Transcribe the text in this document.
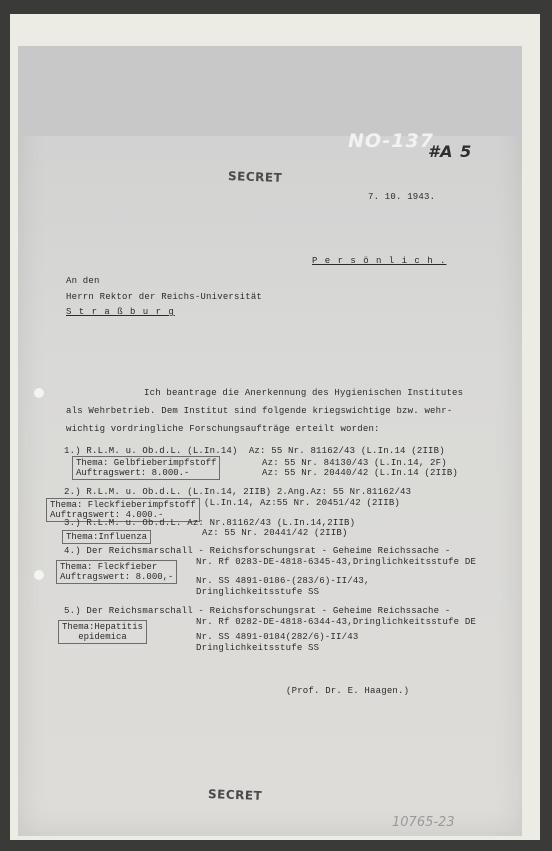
NO-137
#A 5
SECRET
7. 10. 1943.
P e r s ö n l i c h .
An den
Herrn Rektor der Reichs-Universität
S t r a ß b u r g
Ich beantrage die Anerkennung des Hygienischen Institutes
als Wehrbetrieb. Dem Institut sind folgende kriegswichtige bzw. wehr-
wichtig vordringliche Forschungsaufträge erteilt worden:
1.) R.L.M. u. Ob.d.L. (L.In.14)  Az: 55 Nr. 81162/43 (L.In.14 (2IIB)
Thema: Gelbfieberimpfstoff
Auftragswert: 8.000.-
Az: 55 Nr. 84130/43 (L.In.14, 2F)
Az: 55 Nr. 20440/42 (L.In.14 (2IIB)
2.) R.L.M. u. Ob.d.L. (L.In.14, 2IIB) 2.Ang.Az: 55 Nr.81162/43
Thema: Fleckfieberimpfstoff
Auftragswert: 4.000.-
(L.In.14, Az:55 Nr. 20451/42 (2IIB)
3.) R.L.M. u. Ob.d.L. Az: Nr.81162/43 (L.In.14,2IIB)
Az: 55 Nr. 20441/42 (2IIB)
Thema:Influenza
4.) Der Reichsmarschall - Reichsforschungsrat - Geheime Reichssache -
Nr. Rf 0283-DE-4818-6345-43,Dringlichkeitsstufe DE
Thema: Fleckfieber
Auftragswert: 8.000,-	Nr. SS 4891-0186-(283/6)-II/43,
Dringlichkeitsstufe SS
5.) Der Reichsmarschall - Reichsforschungsrat - Geheime Reichssache -
Nr. Rf 0282-DE-4818-6344-43,Dringlichkeitsstufe DE
Thema:Hepatitis
epidemica	Nr. SS 4891-0184(282/6)-II/43
Dringlichkeitsstufe SS
(Prof. Dr. E. Haagen.)
SECRET
10765-23
